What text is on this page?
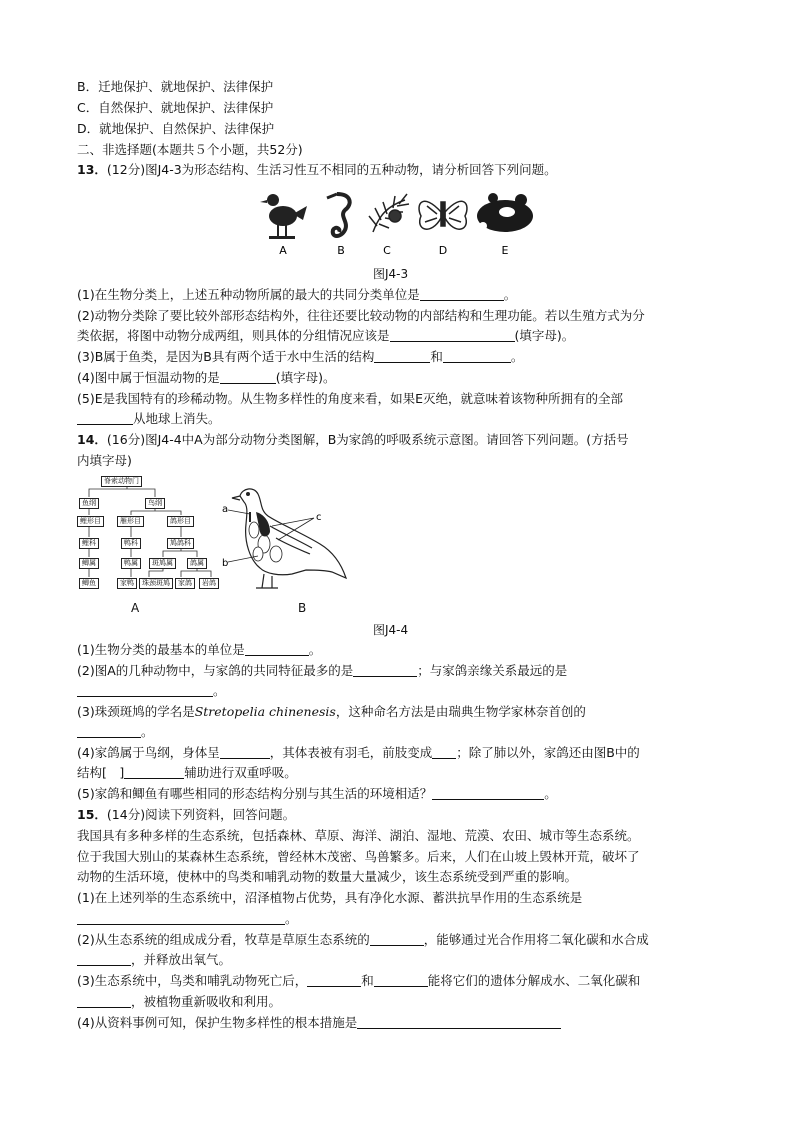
B．迁地保护、就地保护、法律保护
C．自然保护、就地保护、法律保护
D．就地保护、自然保护、法律保护
二、非选择题(本题共５个小题，共52分)
13．(12分)图J4-3为形态结构、生活习性互不相同的五种动物，请分析回答下列问题。
A	B	C	D	E
图J4-3
(1)在生物分类上，上述五种动物所属的最大的共同分类单位是	。
(2)动物分类除了要比较外部形态结构外，往往还要比较动物的内部结构和生理功能。若以生殖方式为分
类依据，将图中动物分成两组，则具体的分组情况应该是	(填字母)。
(3)B属于鱼类，是因为B具有两个适于水中生活的结构	和	。
(4)图中属于恒温动物的是	(填字母)。
(5)E是我国特有的珍稀动物。从生物多样性的角度来看，如果E灭绝，就意味着该物种所拥有的全部
从地球上消失。
14．(16分)图J4-4中A为部分动物分类图解，B为家鸽的呼吸系统示意图。请回答下列问题。(方括号
内填字母)
脊索动物门
鱼纲	鸟纲
鲤形目	雁形目	鸽形目
鲤科	鸭科	鸠鸽科
鲫属	鸭属	斑鸠属	鸽属
鲫鱼	家鸭	珠颈斑鸠	家鸽	岩鸽
A
a
b
c
B
图J4-4
(1)生物分类的最基本的单位是	。
(2)图A的几种动物中，与家鸽的共同特征最多的是	；与家鸽亲缘关系最远的是
。
(3)珠颈斑鸠的学名是Stretopelia chinenesis，这种命名方法是由瑞典生物学家林奈首创的
。
(4)家鸽属于鸟纲，身体呈	，其体表被有羽毛，前肢变成 ；除了肺以外，家鸽还由图B中的
结构[　]	辅助进行双重呼吸。
(5)家鸽和鲫鱼有哪些相同的形态结构分别与其生活的环境相适？	。
15．(14分)阅读下列资料，回答问题。
我国具有多种多样的生态系统，包括森林、草原、海洋、湖泊、湿地、荒漠、农田、城市等生态系统。
位于我国大别山的某森林生态系统，曾经林木茂密、鸟兽繁多。后来，人们在山坡上毁林开荒，破坏了
动物的生活环境，使林中的鸟类和哺乳动物的数量大量减少，该生态系统受到严重的影响。
(1)在上述列举的生态系统中，沼泽植物占优势，具有净化水源、蓄洪抗旱作用的生态系统是
。
(2)从生态系统的组成成分看，牧草是草原生态系统的	，能够通过光合作用将二氧化碳和水合成
，并释放出氧气。
(3)生态系统中，鸟类和哺乳动物死亡后，	和	能将它们的遗体分解成水、二氧化碳和
，被植物重新吸收和利用。
(4)从资料事例可知，保护生物多样性的根本措施是
